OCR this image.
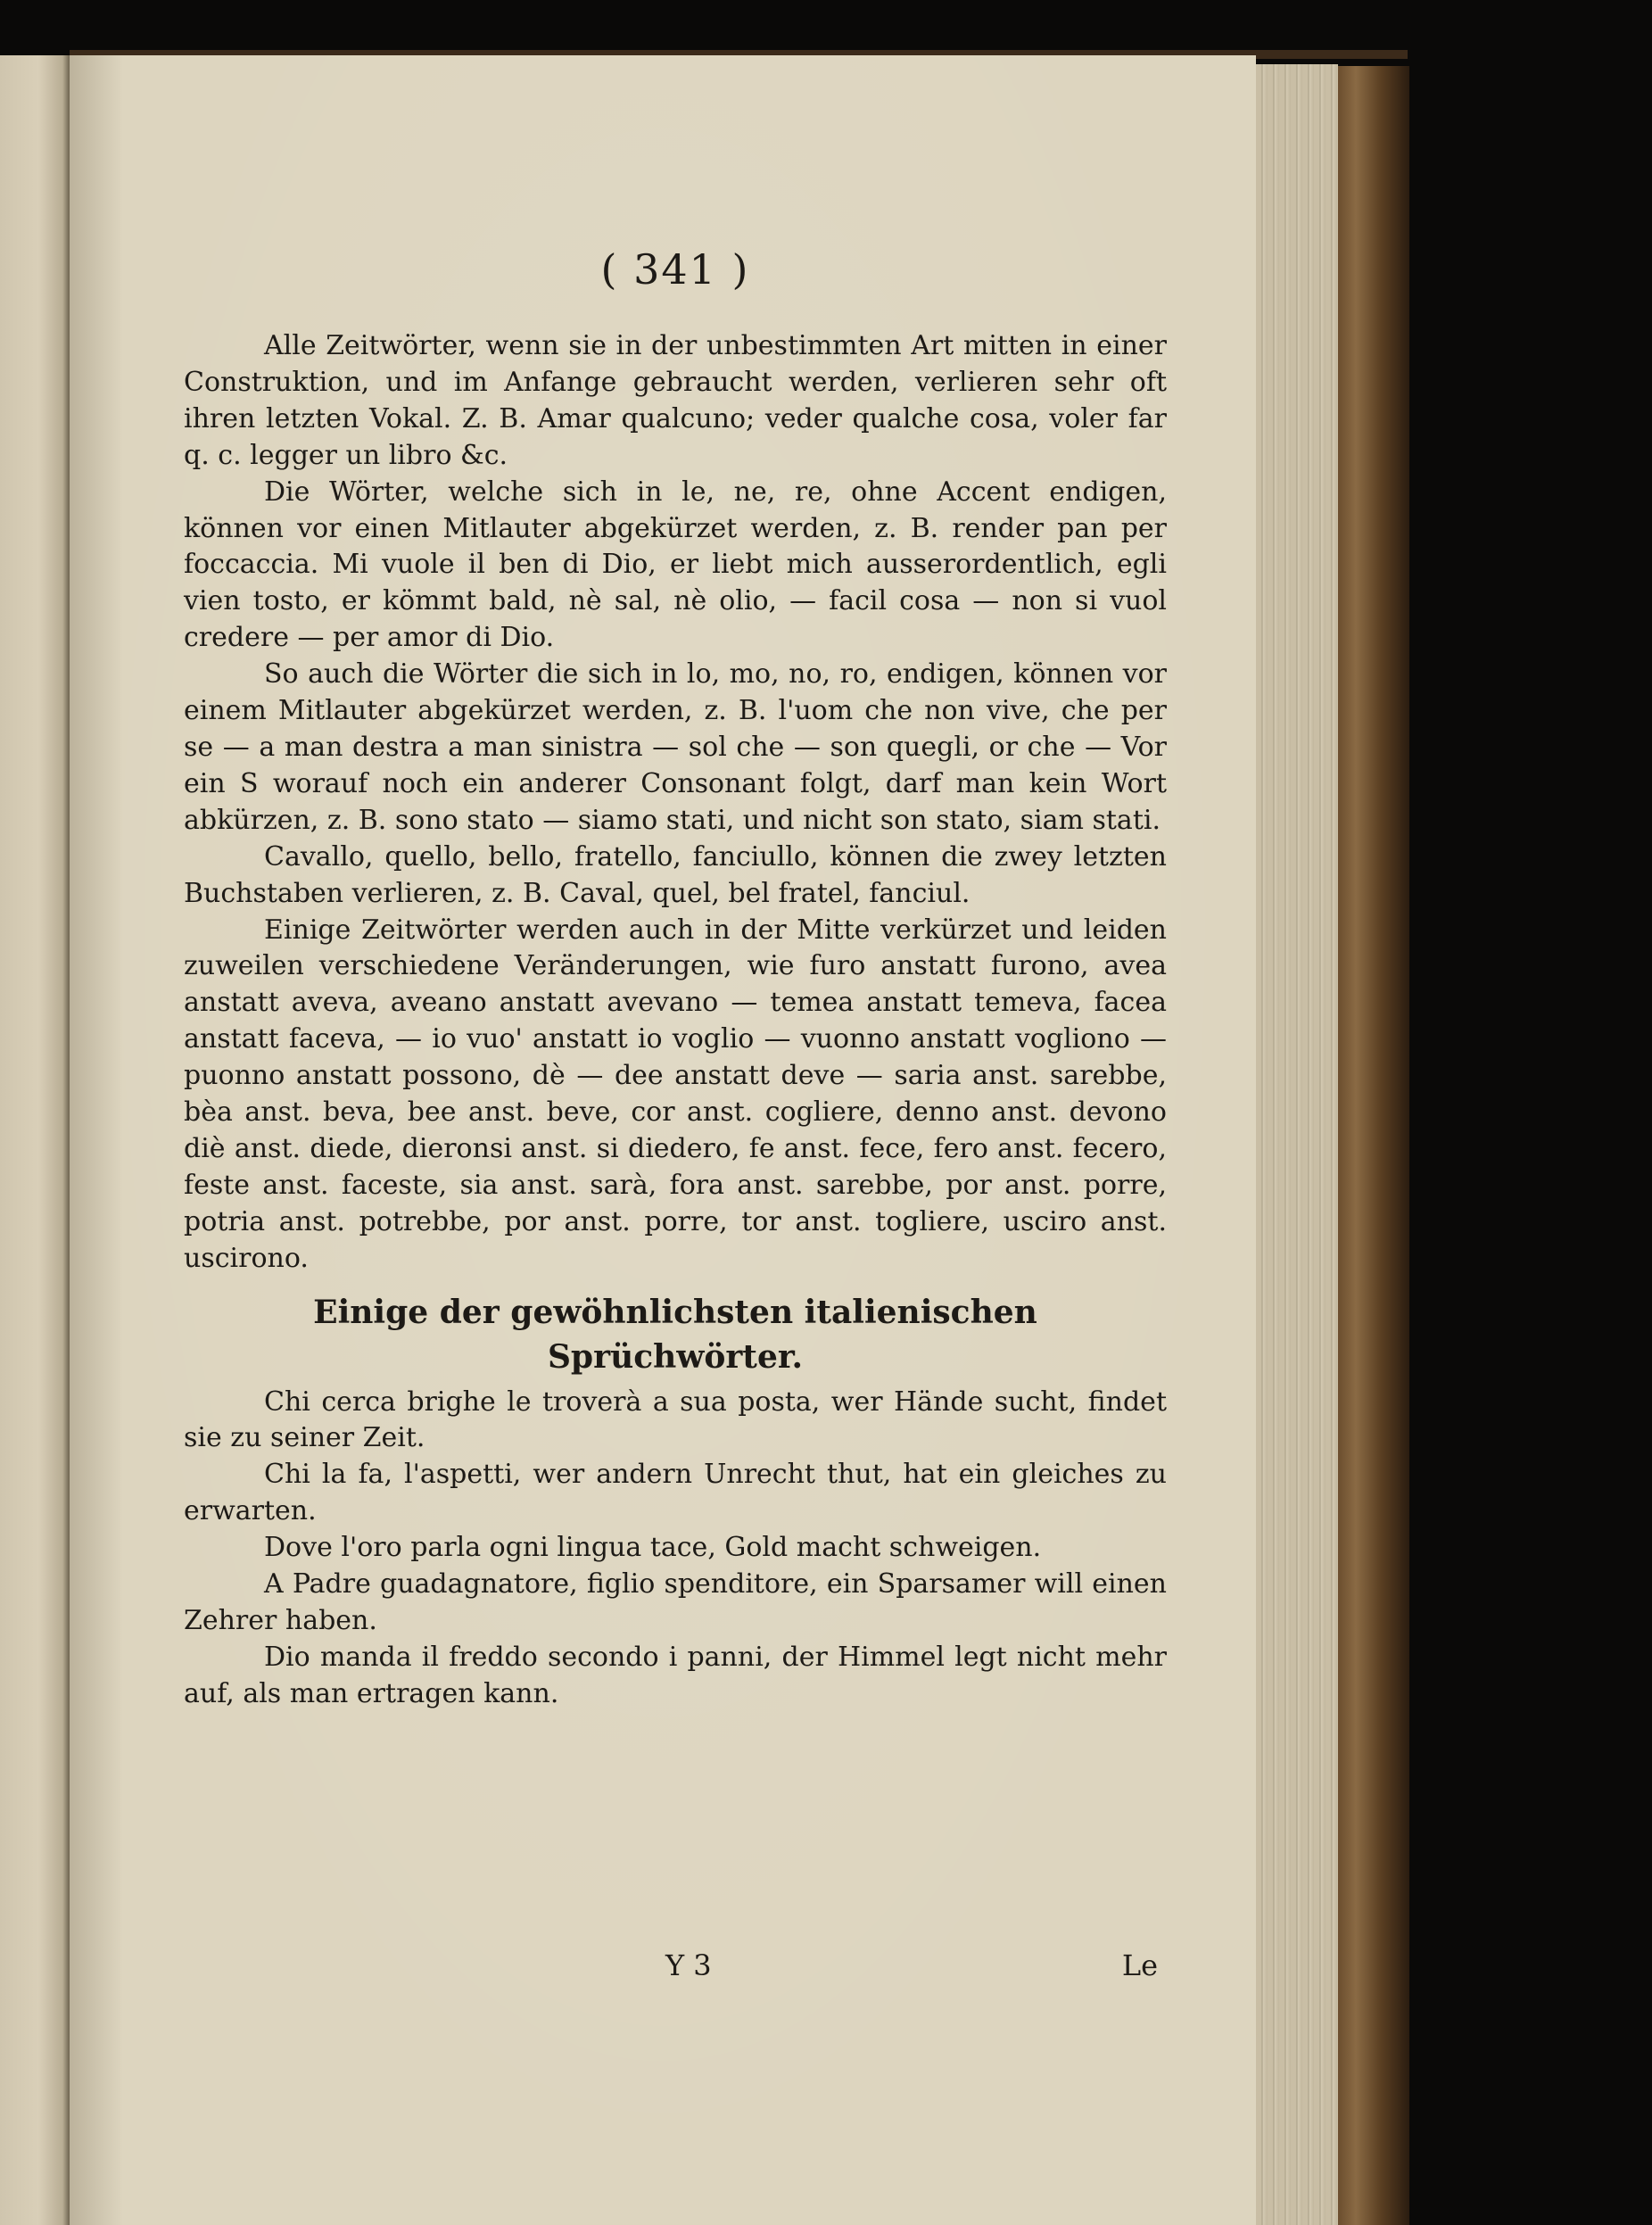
( 341 )

Alle Zeitwörter, wenn sie in der unbestimmten Art mitten in einer Construktion, und im Anfange gebraucht werden, verlieren sehr oft ihren letzten Vokal. Z. B. Amar qualcuno; veder qualche cosa, voler far q. c. legger un libro &c.

Die Wörter, welche sich in le, ne, re, ohne Accent endigen, können vor einen Mitlauter abgekürzet werden, z. B. render pan per foccaccia. Mi vuole il ben di Dio, er liebt mich ausserordentlich, egli vien tosto, er kömmt bald, nè sal, nè olio, — facil cosa — non si vuol credere — per amor di Dio.

So auch die Wörter die sich in lo, mo, no, ro, endigen, können vor einem Mitlauter abgekürzet werden, z. B. l'uom che non vive, che per se — a man destra a man sinistra — sol che — son quegli, or che — Vor ein S worauf noch ein anderer Consonant folgt, darf man kein Wort abkürzen, z. B. sono stato — siamo stati, und nicht son stato, siam stati.

Cavallo, quello, bello, fratello, fanciullo, können die zwey letzten Buchstaben verlieren, z. B. Caval, quel, bel fratel, fanciul.

Einige Zeitwörter werden auch in der Mitte verkürzet und leiden zuweilen verschiedene Veränderungen, wie furo anstatt furono, avea anstatt aveva, aveano anstatt avevano — temea anstatt temeva, facea anstatt faceva, — io vuo' anstatt io voglio — vuonno anstatt vogliono — puonno anstatt possono, dè — dee anstatt deve — saria anst. sarebbe, bèa anst. beva, bee anst. beve, cor anst. cogliere, denno anst. devono diè anst. diede, dieronsi anst. si diedero, fe anst. fece, fero anst. fecero, feste anst. faceste, sia anst. sarà, fora anst. sarebbe, por anst. porre, potria anst. potrebbe, por anst. porre, tor anst. togliere, usciro anst. uscirono.

Einige der gewöhnlichsten italienischen Sprüchwörter.

Chi cerca brighe le troverà a sua posta, wer Hände sucht, findet sie zu seiner Zeit.

Chi la fa, l'aspetti, wer andern Unrecht thut, hat ein gleiches zu erwarten.

Dove l'oro parla ogni lingua tace, Gold macht schweigen.

A Padre guadagnatore, figlio spenditore, ein Sparsamer will einen Zehrer haben.

Dio manda il freddo secondo i panni, der Himmel legt nicht mehr auf, als man ertragen kann.

Y 3	Le
